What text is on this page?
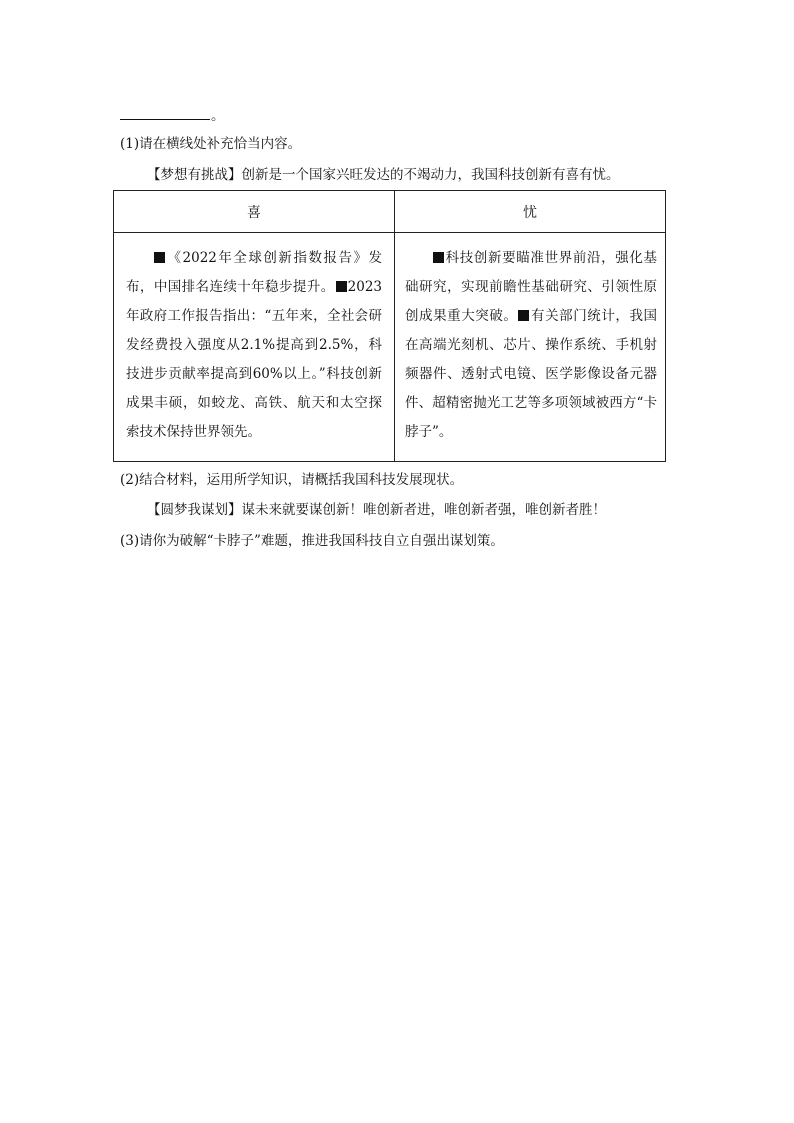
。
(1)请在横线处补充恰当内容。
【梦想有挑战】创新是一个国家兴旺发达的不竭动力，我国科技创新有喜有忧。
喜	忧

《2022年全球创新指数报告》发布，中国排名连续十年稳步提升。 2023年政府工作报告指出：“五年来，全社会研发经费投入强度从2.1%提高到2.5%，科技进步贡献率提高到60%以上。”科技创新成果丰硕，如蛟龙、高铁、航天和太空探索技术保持世界领先。	科技创新要瞄准世界前沿，强化基础研究，实现前瞻性基础研究、引领性原创成果重大突破。 有关部门统计，我国在高端光刻机、芯片、操作系统、手机射频器件、透射式电镜、医学影像设备元器件、超精密抛光工艺等多项领域被西方“卡脖子”。
(2)结合材料，运用所学知识，请概括我国科技发展现状。
【圆梦我谋划】谋未来就要谋创新！唯创新者进，唯创新者强，唯创新者胜！
(3)请你为破解“卡脖子”难题，推进我国科技自立自强出谋划策。
